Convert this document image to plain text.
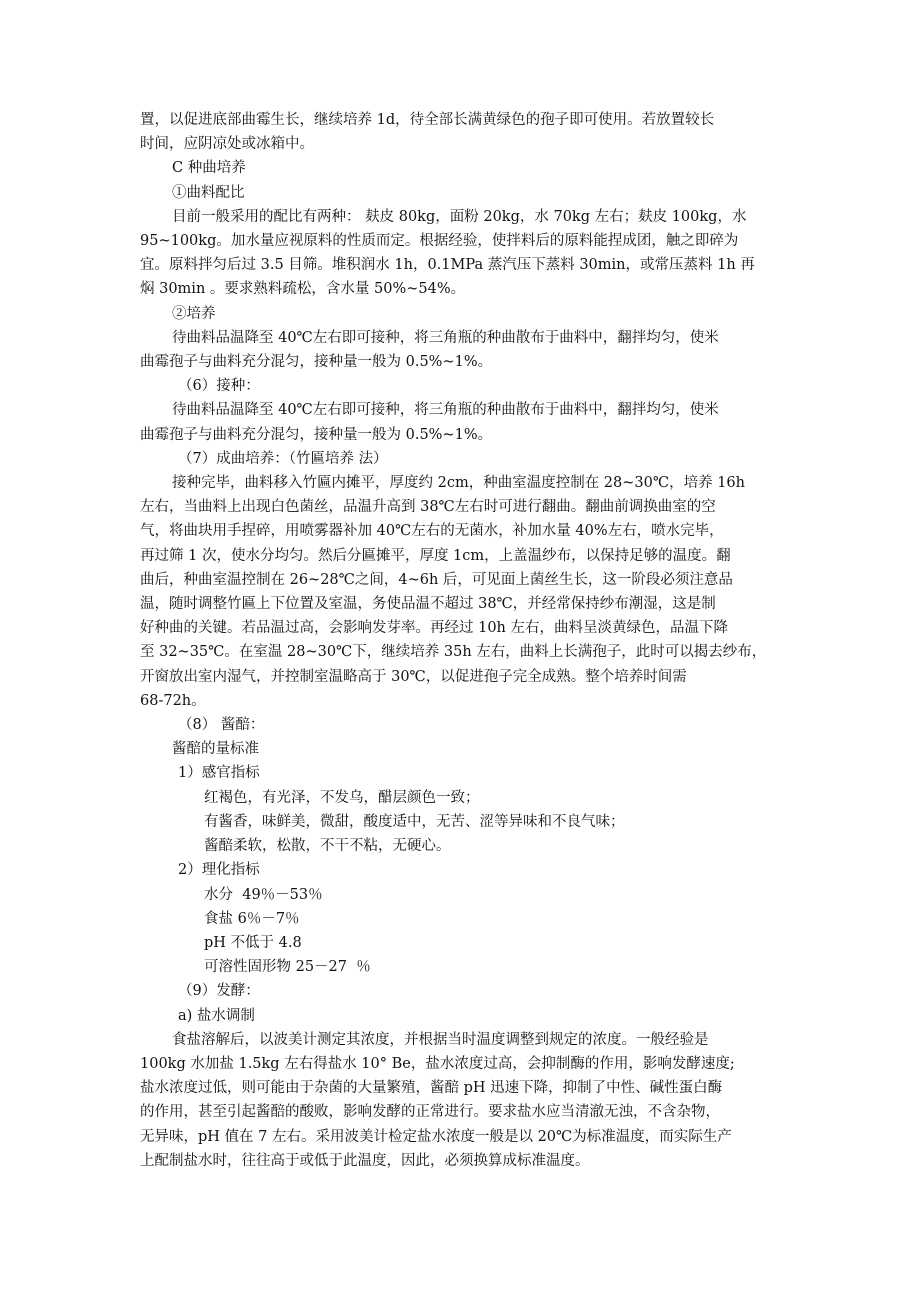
置，以促进底部曲霉生长，继续培养 1d，待全部长满黄绿色的孢子即可使用。若放置较长

时间，应阴凉处或冰箱中。

C 种曲培养

①曲料配比

目前一般采用的配比有两种： 麸皮 80kg，面粉 20kg，水 70kg 左右；麸皮 100kg，水

95~100kg。加水量应视原料的性质而定。根据经验，使拌料后的原料能捏成团，触之即碎为

宜。原料拌匀后过 3.5 目筛。堆积润水 1h，0.1MPa 蒸汽压下蒸料 30min，或常压蒸料 1h 再

焖 30min 。要求熟料疏松，含水量 50%~54%。

②培养

待曲料品温降至 40℃左右即可接种，将三角瓶的种曲散布于曲料中，翻拌均匀，使米

曲霉孢子与曲料充分混匀，接种量一般为 0.5%~1%。

（6）接种：

待曲料品温降至 40℃左右即可接种，将三角瓶的种曲散布于曲料中，翻拌均匀，使米

曲霉孢子与曲料充分混匀，接种量一般为 0.5%~1%。

（7）成曲培养：（竹匾培养 法）

接种完毕，曲料移入竹匾内摊平，厚度约 2cm，种曲室温度控制在 28~30℃，培养 16h

左右，当曲料上出现白色菌丝，品温升高到 38℃左右时可进行翻曲。翻曲前调换曲室的空

气，将曲块用手捏碎，用喷雾器补加 40℃左右的无菌水，补加水量 40%左右，喷水完毕，

再过筛 1 次，使水分均匀。然后分匾摊平，厚度 1cm，上盖温纱布，以保持足够的温度。翻

曲后，种曲室温控制在 26~28℃之间，4~6h 后，可见面上菌丝生长，这一阶段必须注意品

温，随时调整竹匾上下位置及室温，务使品温不超过 38℃，并经常保持纱布潮湿，这是制

好种曲的关键。若品温过高，会影响发芽率。再经过 10h 左右，曲料呈淡黄绿色，品温下降

至 32~35℃。在室温 28~30℃下，继续培养 35h 左右，曲料上长满孢子，此时可以揭去纱布，

开窗放出室内湿气，并控制室温略高于 30℃，以促进孢子完全成熟。整个培养时间需

68-72h。

（8） 酱醅：

酱醅的量标准

1）感官指标

红褐色，有光泽，不发乌，醋层颜色一致；

有酱香，味鲜美，微甜，酸度适中，无苦、涩等异味和不良气味；

酱醅柔软，松散，不干不粘，无硬心。

2）理化指标

水分  49％－53％

食盐 6％－7％

pH 不低于 4.8

可溶性固形物 25－27  ％

（9）发酵：

a) 盐水调制

食盐溶解后，以波美计测定其浓度，并根据当时温度调整到规定的浓度。一般经验是

100kg 水加盐 1.5kg 左右得盐水 10° Be，盐水浓度过高，会抑制酶的作用，影响发酵速度;

盐水浓度过低，则可能由于杂菌的大量繁殖，酱醅 pH 迅速下降，抑制了中性、碱性蛋白酶

的作用，甚至引起酱醅的酸败，影响发酵的正常进行。要求盐水应当清澈无浊，不含杂物，

无异味，pH 值在 7 左右。采用波美计检定盐水浓度一般是以 20℃为标准温度，而实际生产

上配制盐水时，往往高于或低于此温度，因此，必须换算成标准温度。
